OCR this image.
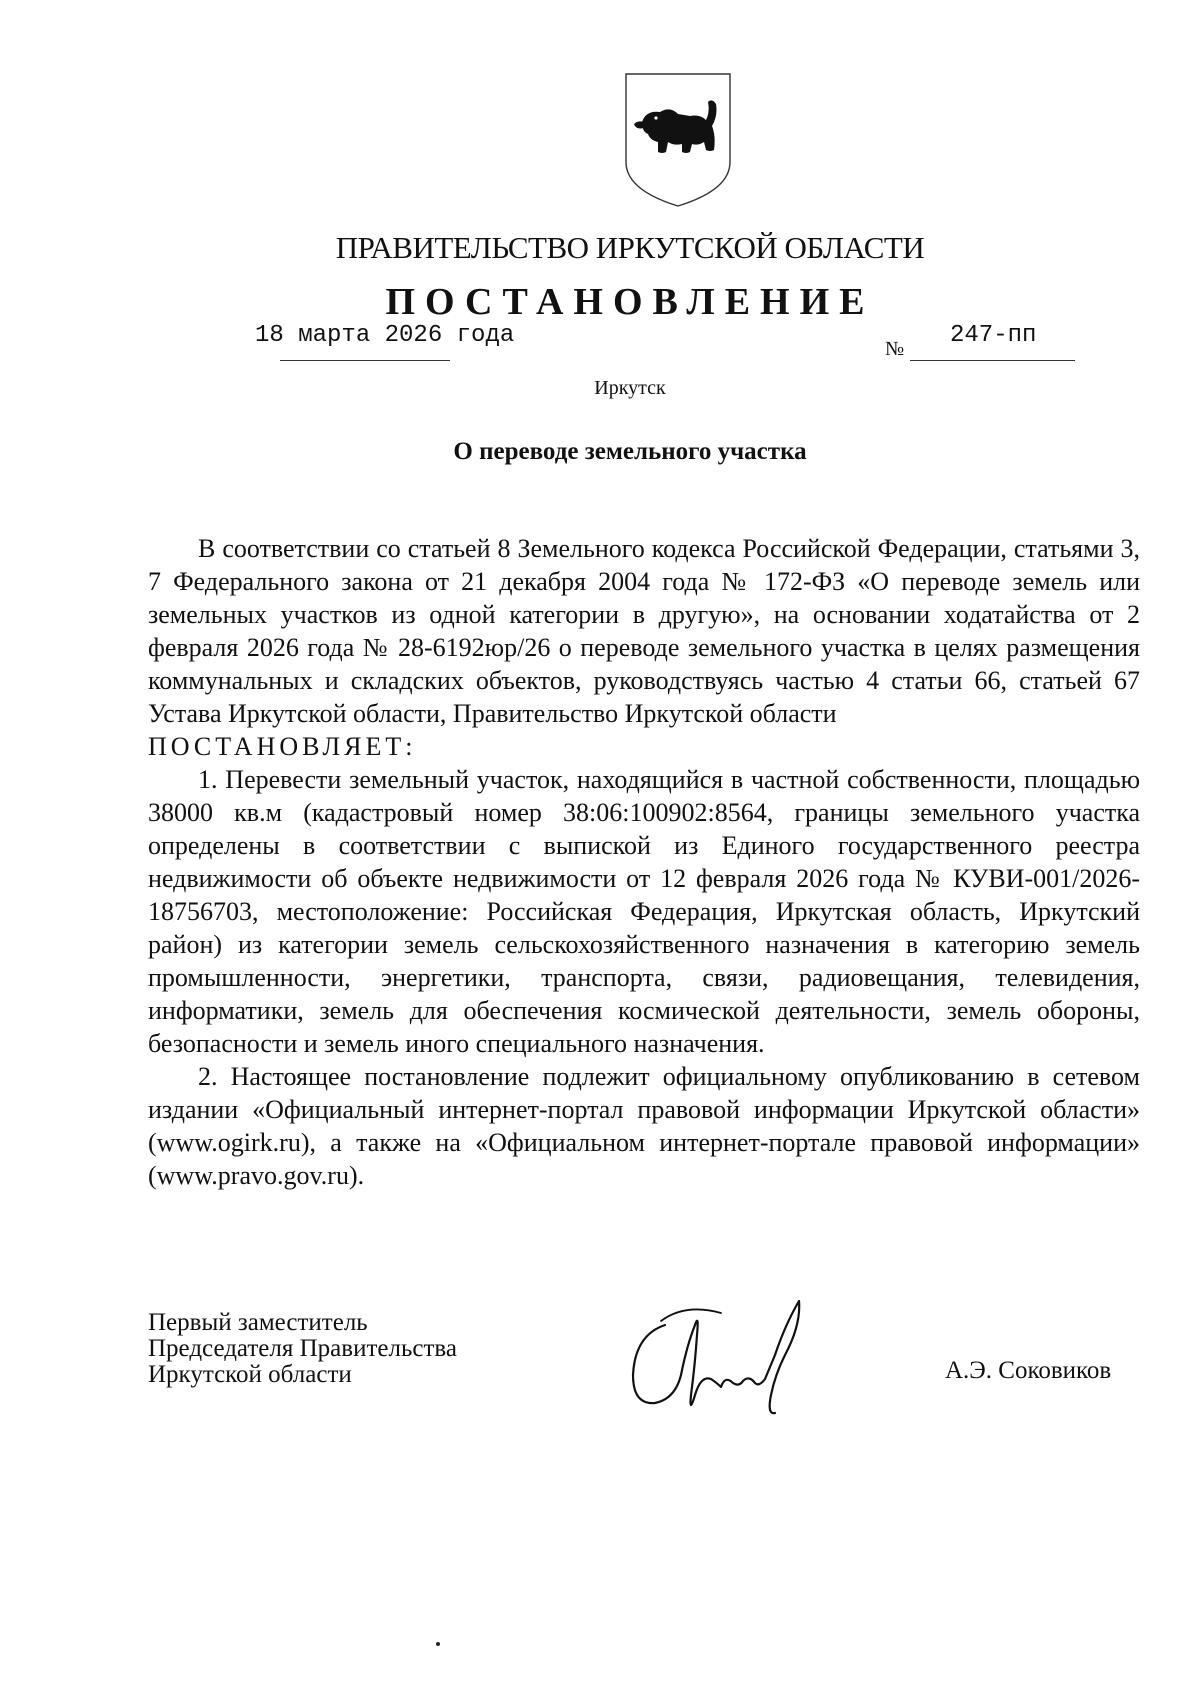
ПРАВИТЕЛЬСТВО ИРКУТСКОЙ ОБЛАСТИ
ПОСТАНОВЛЕНИЕ
18 марта 2026 года	№ 247-пп
Иркутск
О переводе земельного участка

В соответствии со статьей 8 Земельного кодекса Российской Федерации, статьями 3, 7 Федерального закона от 21 декабря 2004 года № 172-ФЗ «О переводе земель или земельных участков из одной категории в другую», на основании ходатайства от 2 февраля 2026 года № 28-6192юр/26 о переводе земельного участка в целях размещения коммунальных и складских объектов, руководствуясь частью 4 статьи 66, статьей 67 Устава Иркутской области, Правительство Иркутской области

ПОСТАНОВЛЯЕТ:

1. Перевести земельный участок, находящийся в частной собственности, площадью 38000 кв.м (кадастровый номер 38:06:100902:8564, границы земельного участка определены в соответствии с выпиской из Единого государственного реестра недвижимости об объекте недвижимости от 12 февраля 2026 года № КУВИ-001/2026-18756703, местоположение: Российская Федерация, Иркутская область, Иркутский район) из категории земель сельскохозяйственного назначения в категорию земель промышленности, энергетики, транспорта, связи, радиовещания, телевидения, информатики, земель для обеспечения космической деятельности, земель обороны, безопасности и земель иного специального назначения.

2. Настоящее постановление подлежит официальному опубликованию в сетевом издании «Официальный интернет-портал правовой информации Иркутской области» (www.ogirk.ru), а также на «Официальном интернет-портале правовой информации» (www.pravo.gov.ru).

Первый заместитель
Председателя Правительства
Иркутской области	А.Э. Соковиков
